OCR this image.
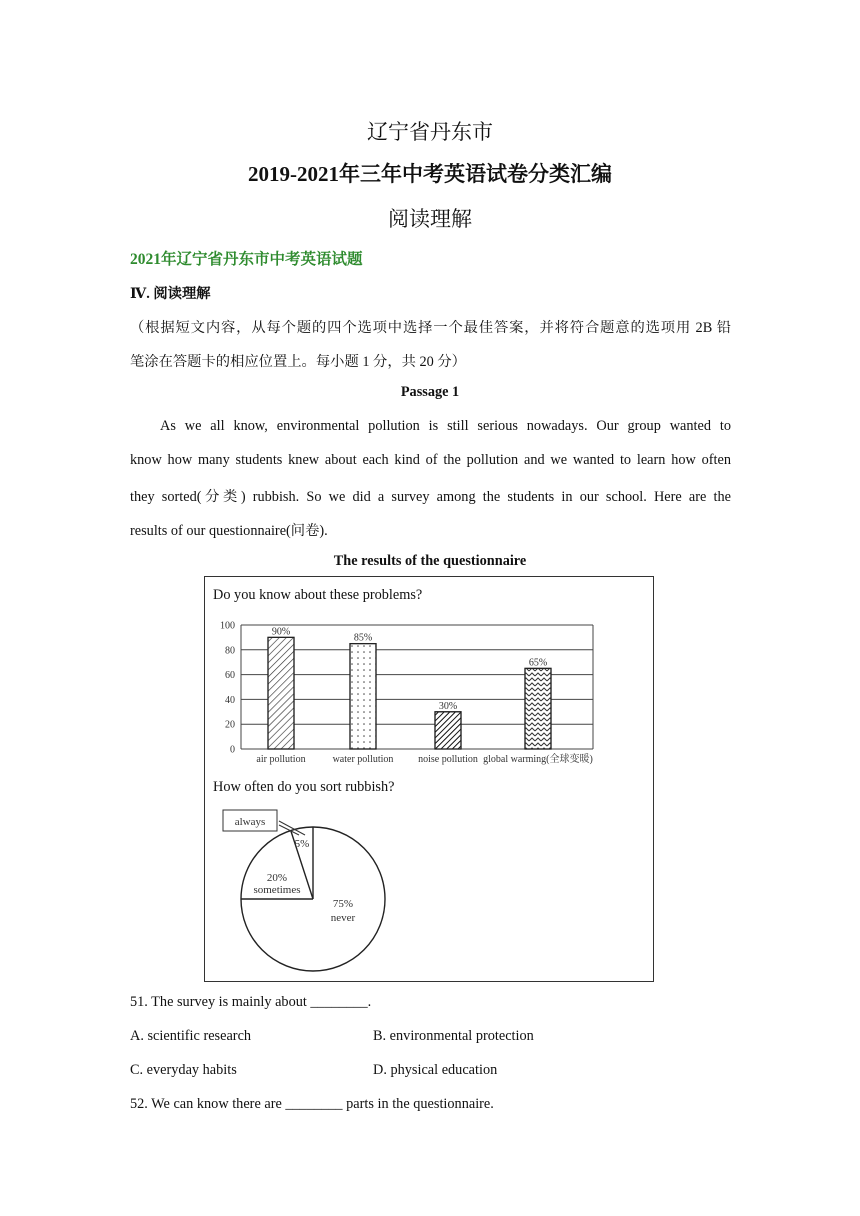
辽宁省丹东市
2019-2021年三年中考英语试卷分类汇编
阅读理解
2021年辽宁省丹东市中考英语试题
Ⅳ. 阅读理解
（根据短文内容，从每个题的四个选项中选择一个最佳答案，并将符合题意的选项用 2B 铅
笔涂在答题卡的相应位置上。每小题 1 分，共 20 分）
Passage 1
As we all know, environmental pollution is still serious nowadays. Our group wanted to
know how many students knew about each kind of the pollution and we wanted to learn how often
they sorted(分类) rubbish. So we did a survey among the students in our school. Here are the
results of our questionnaire(问卷).
The results of the questionnaire
Do you know about these problems?
0
20
40
60
80
100
90%
air pollution
85%
water pollution
30%
noise pollution
65%
global warming(全球变暖)
5%
always
20%
sometimes
75%
never
How often do you sort rubbish?
51. The survey is mainly about ________.
A. scientific research	B. environmental protection
C. everyday habits	D. physical education
52. We can know there are ________ parts in the questionnaire.
